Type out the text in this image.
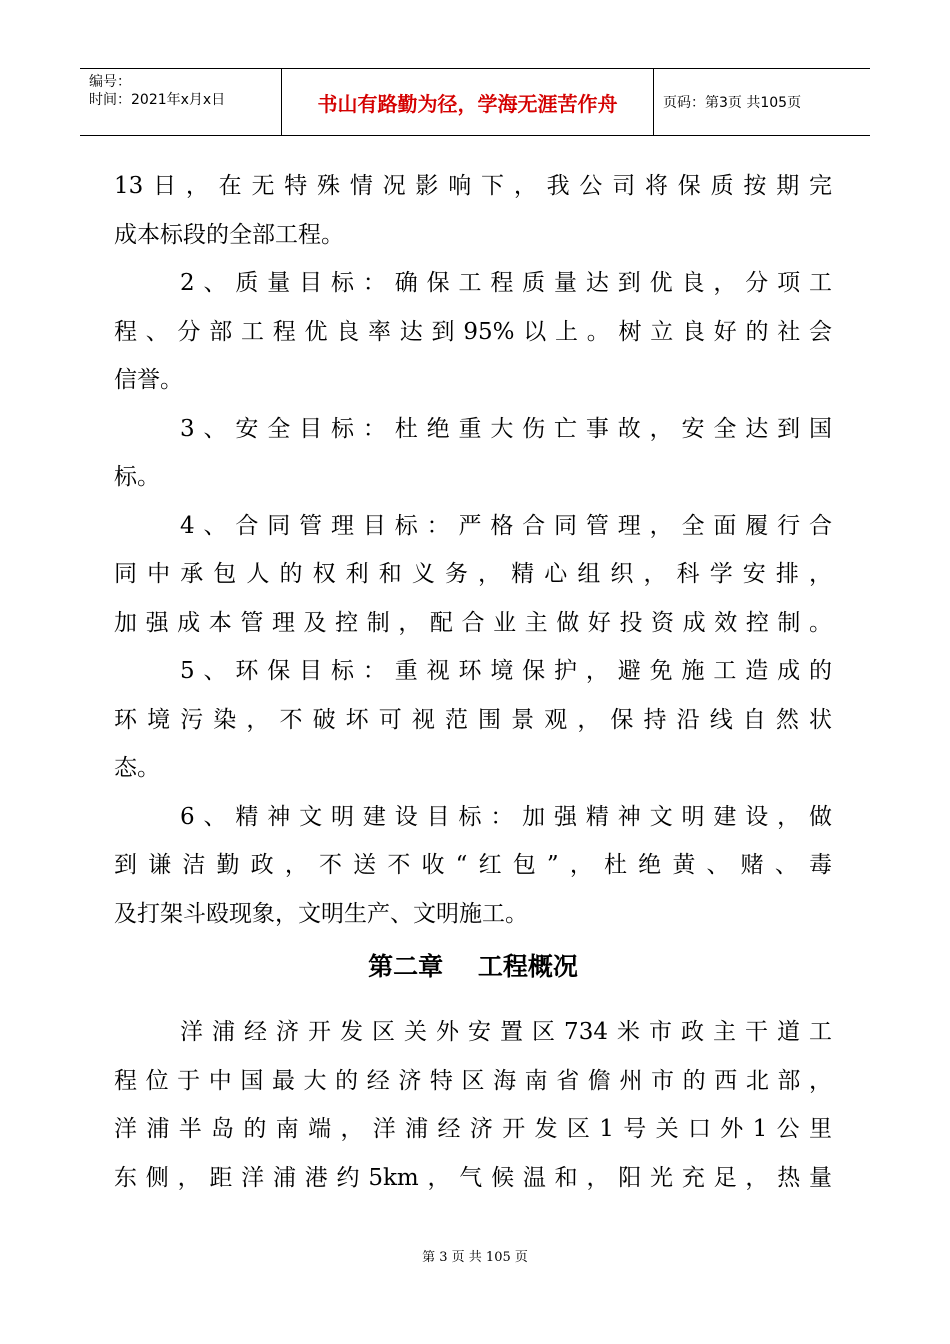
编号：
时间：2021年x月x日	书山有路勤为径，学海无涯苦作舟	页码：第3页 共105页
13日，在无特殊情况影响下，我公司将保质按期完
成本标段的全部工程。
2、质量目标：确保工程质量达到优良，分项工
程、分部工程优良率达到95%以上。树立良好的社会
信誉。
3、安全目标：杜绝重大伤亡事故，安全达到国
标。
4、合同管理目标：严格合同管理，全面履行合
同中承包人的权利和义务，精心组织，科学安排，
加强成本管理及控制，配合业主做好投资成效控制。
5、环保目标：重视环境保护，避免施工造成的
环境污染，不破坏可视范围景观，保持沿线自然状
态。
6、精神文明建设目标：加强精神文明建设，做
到谦洁勤政，不送不收“红包”，杜绝黄、赌、毒
及打架斗殴现象，文明生产、文明施工。
第二章    工程概况
洋浦经济开发区关外安置区734米市政主干道工
程位于中国最大的经济特区海南省儋州市的西北部，
洋浦半岛的南端，洋浦经济开发区1号关口外1公里
东侧，距洋浦港约5km，气候温和，阳光充足，热量
第 3 页 共 105 页
